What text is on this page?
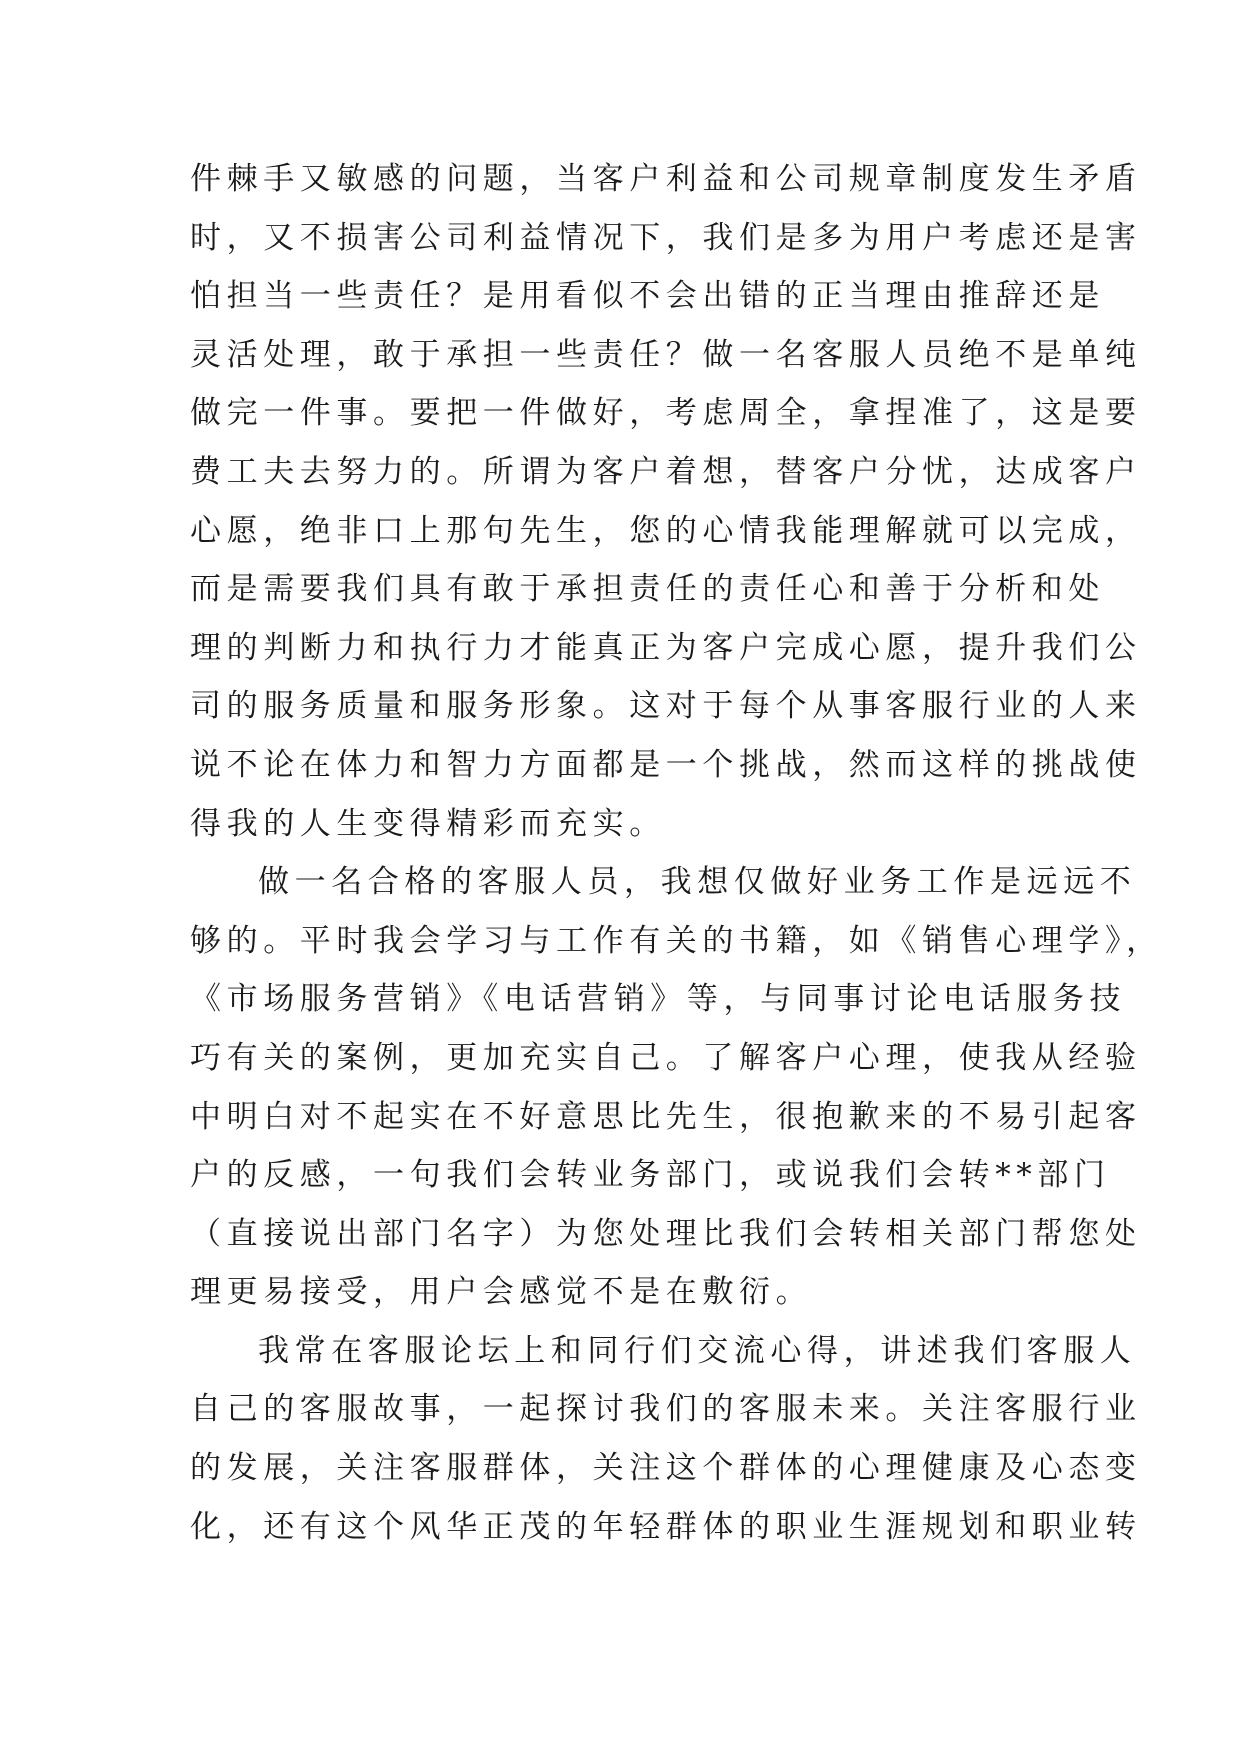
件棘手又敏感的问题，当客户利益和公司规章制度发生矛盾
时，又不损害公司利益情况下，我们是多为用户考虑还是害
怕担当一些责任？是用看似不会出错的正当理由推辞还是
灵活处理，敢于承担一些责任？做一名客服人员绝不是单纯
做完一件事。要把一件做好，考虑周全，拿捏准了，这是要
费工夫去努力的。所谓为客户着想，替客户分忧，达成客户
心愿，绝非口上那句先生，您的心情我能理解就可以完成，
而是需要我们具有敢于承担责任的责任心和善于分析和处
理的判断力和执行力才能真正为客户完成心愿，提升我们公
司的服务质量和服务形象。这对于每个从事客服行业的人来
说不论在体力和智力方面都是一个挑战，然而这样的挑战使
得我的人生变得精彩而充实。
做一名合格的客服人员，我想仅做好业务工作是远远不
够的。平时我会学习与工作有关的书籍，如《销售心理学》，
《市场服务营销》《电话营销》等，与同事讨论电话服务技
巧有关的案例，更加充实自己。了解客户心理，使我从经验
中明白对不起实在不好意思比先生，很抱歉来的不易引起客
户的反感，一句我们会转业务部门，或说我们会转**部门
（直接说出部门名字）为您处理比我们会转相关部门帮您处
理更易接受，用户会感觉不是在敷衍。
我常在客服论坛上和同行们交流心得，讲述我们客服人
自己的客服故事，一起探讨我们的客服未来。关注客服行业
的发展，关注客服群体，关注这个群体的心理健康及心态变
化，还有这个风华正茂的年轻群体的职业生涯规划和职业转
